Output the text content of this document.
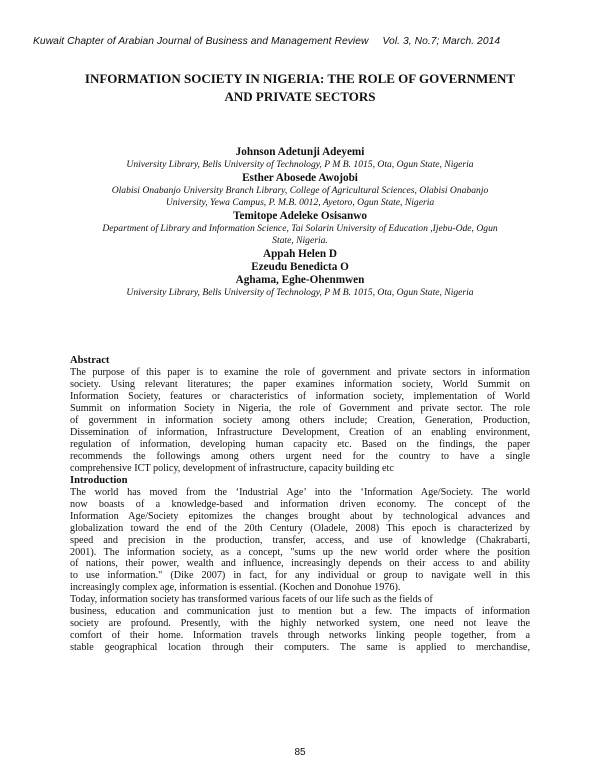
Kuwait Chapter of Arabian Journal of Business and Management Review Vol. 3, No.7; March. 2014
INFORMATION SOCIETY IN NIGERIA: THE ROLE OF GOVERNMENT
AND PRIVATE SECTORS
Johnson Adetunji Adeyemi
University Library, Bells University of Technology, P M B. 1015, Ota, Ogun State, Nigeria
Esther Abosede Awojobi
Olabisi Onabanjo University Branch Library, College of Agricultural Sciences, Olabisi Onabanjo
University, Yewa Campus, P. M.B. 0012, Ayetoro, Ogun State, Nigeria
Temitope Adeleke Osisanwo
Department of Library and Information Science, Tai Solarin University of Education ,Ijebu-Ode, Ogun
State, Nigeria.
Appah Helen D
Ezeudu Benedicta O
Aghama, Eghe-Ohenmwen
University Library, Bells University of Technology, P M B. 1015, Ota, Ogun State, Nigeria
Abstract
The purpose of this paper is to examine the role of government and private sectors in information
society. Using relevant literatures; the paper examines information society, World Summit on
Information Society, features or characteristics of information society, implementation of World
Summit on information Society in Nigeria, the role of Government and private sector. The role
of government in information society among others include; Creation, Generation, Production,
Dissemination of information, Infrastructure Development, Creation of an enabling environment,
regulation of information, developing human capacity etc. Based on the findings, the paper
recommends the followings among others urgent need for the country to have a single
comprehensive ICT policy, development of infrastructure, capacity building etc
Introduction
The world has moved from the ‘Industrial Age’ into the ‘Information Age/Society. The world
now boasts of a knowledge-based and information driven economy. The concept of the
Information Age/Society epitomizes the changes brought about by technological advances and
globalization toward the end of the 20th Century (Oladele, 2008) This epoch is characterized by
speed and precision in the production, transfer, access, and use of knowledge (Chakrabarti,
2001). The information society, as a concept, "sums up the new world order where the position
of nations, their power, wealth and influence, increasingly depends on their access to and ability
to use information." (Dike 2007) in fact, for any individual or group to navigate well in this
increasingly complex age, information is essential. (Kochen and Donohue 1976).
Today, information society has transformed various facets of our life such as the fields of
business, education and communication just to mention but a few. The impacts of information
society are profound. Presently, with the highly networked system, one need not leave the
comfort of their home. Information travels through networks linking people together, from a
stable geographical location through their computers. The same is applied to merchandise,
85
